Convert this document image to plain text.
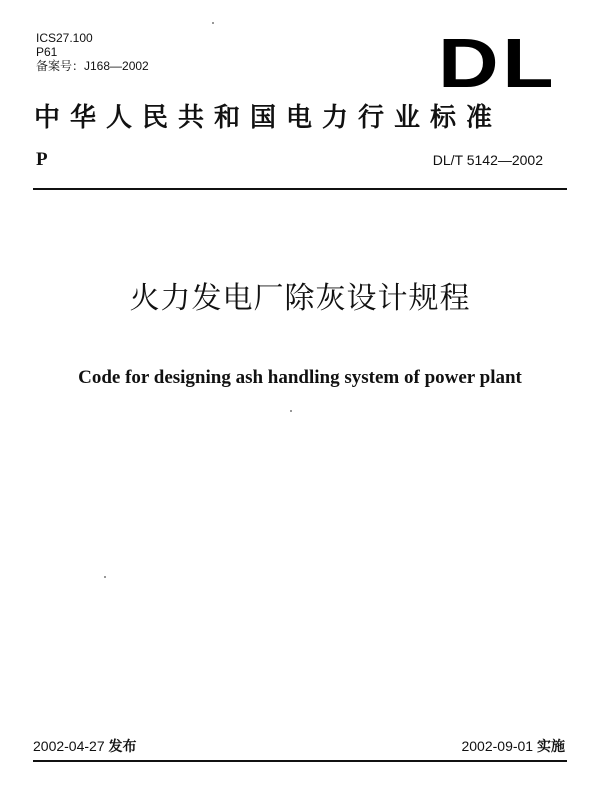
ICS27.100
P61
备案号：J168—2002	DL
中华人民共和国电力行业标准
P	DL/T 5142—2002
火力发电厂除灰设计规程
Code for designing ash handling system of power plant
2002-04-27 发布	2002-09-01 实施
